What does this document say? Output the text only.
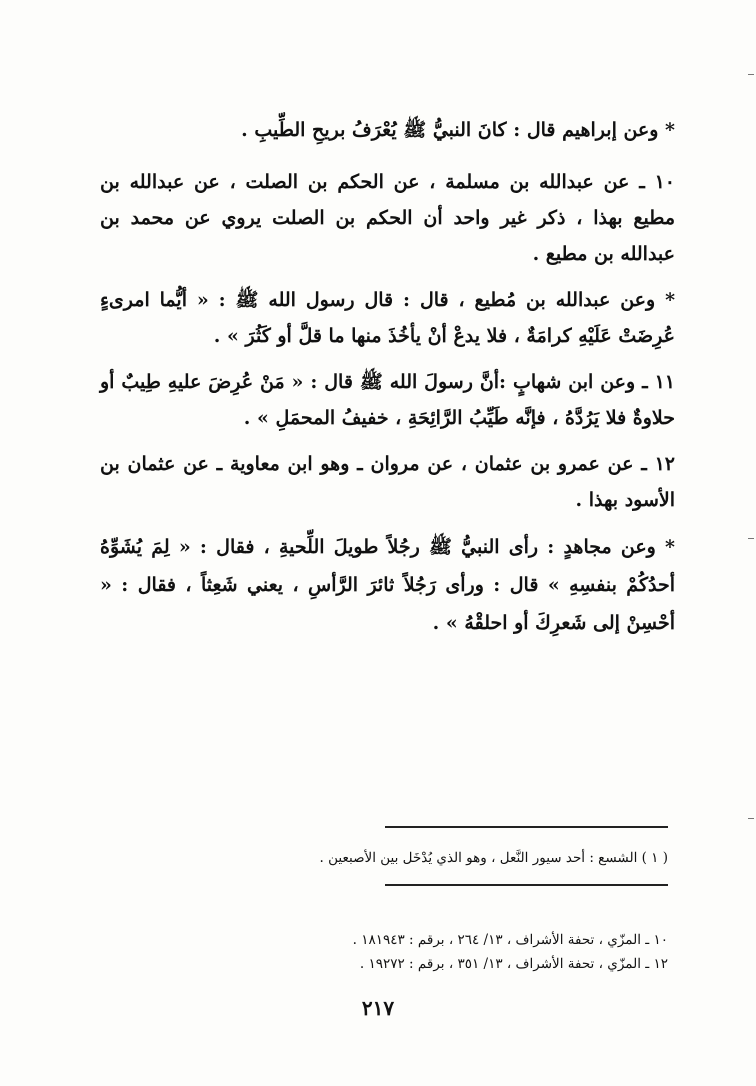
* وعن إبراهيم قال : كانَ النبيُّ ﷺ يُعْرَفُ بريحِ الطِّيبِ .

١٠ ـ عن عبدالله بن مسلمة ، عن الحكم بن الصلت ، عن عبدالله بن مطيع بهذا ، ذكر غير واحد أن الحكم بن الصلت يروي عن محمد بن عبدالله بن مطيع .

* وعن عبدالله بن مُطيع ، قال : قال رسول الله ﷺ : « أيُّما امرىءٍ عُرِضَتْ عَلَيْهِ كرامَةٌ ، فلا يدعْ أنْ يأخُذَ منها ما قلَّ أو كَثُرَ » .

١١ ـ وعن ابن شهابٍ :أنَّ رسولَ الله ﷺ قال : « مَنْ عُرِضَ عليهِ طِيبٌ أو حلاوةٌ فلا يَرُدَّهُ ، فإنَّه طَيِّبُ الرَّائِحَةِ ، خفيفُ المحمَلِ » .

١٢ ـ عن عمرو بن عثمان ، عن مروان ـ وهو ابن معاوية ـ عن عثمان بن الأسود بهذا .

* وعن مجاهدٍ : رأى النبيُّ ﷺ رجُلاً طويلَ اللِّحيةِ ، فقال : « لِمَ يُشَوِّهُ أحدُكُمْ بنفسِهِ » قال : ورأى رَجُلاً ثائرَ الرَّأسِ ، يعني شَعِثاً ، فقال : « أحْسِنْ إلى شَعرِكَ أو احلقْهُ » .

( ١ ) الشسع : أحد سيور النَّعل ، وهو الذي يُدْخَل بين الأصبعين .
١٠ ـ المزّي ، تحفة الأشراف ، ١٣/ ٢٦٤ ، برقم : ١٨١٩٤٣ .
١٢ ـ المزّي ، تحفة الأشراف ، ١٣/ ٣٥١ ، برقم : ١٩٢٧٢ .
٢١٧
